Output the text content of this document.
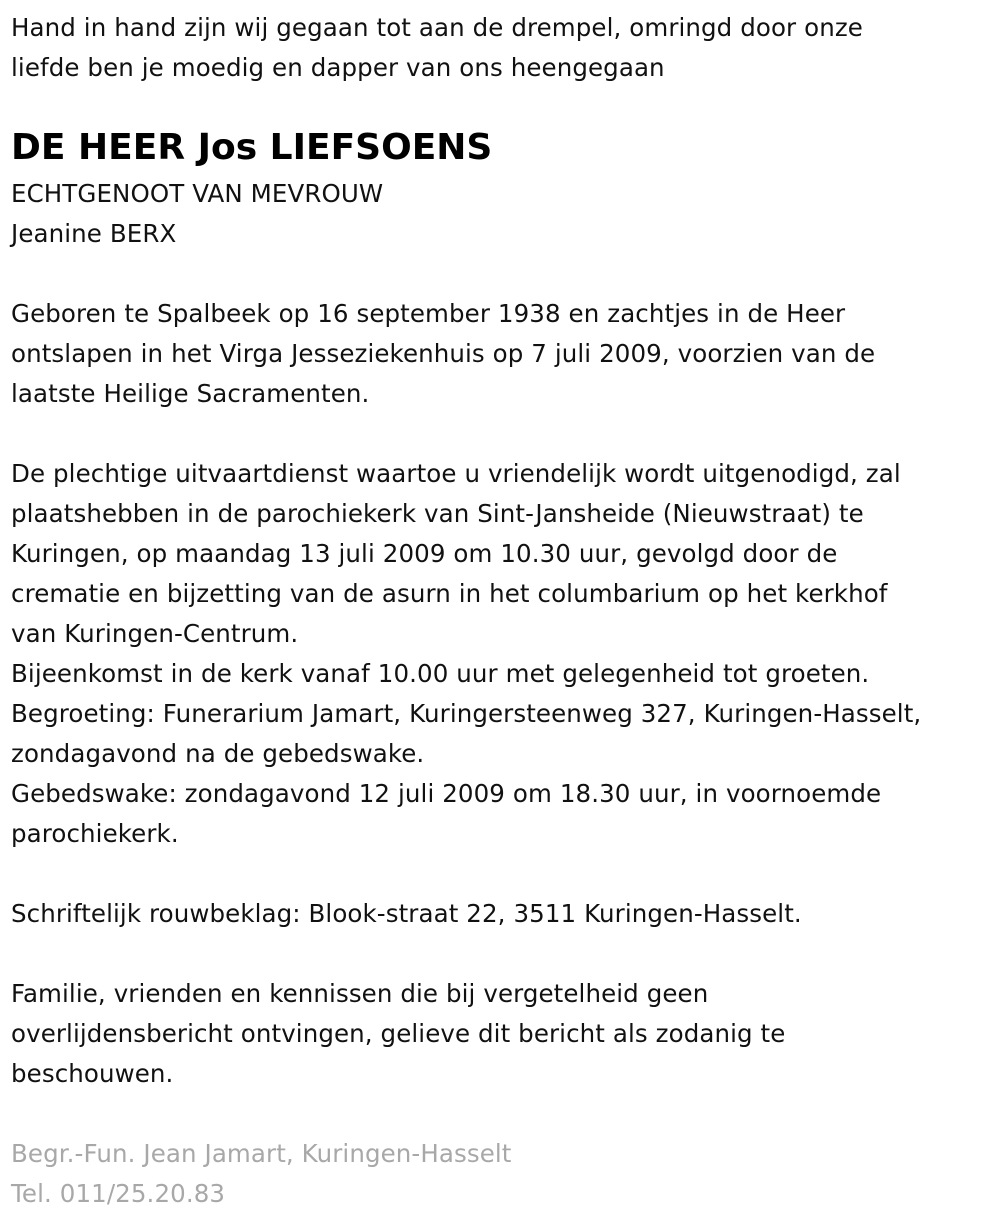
Hand in hand zijn wij gegaan tot aan de drempel, omringd door onze
liefde ben je moedig en dapper van ons heengegaan
DE HEER Jos LIEFSOENS
ECHTGENOOT VAN MEVROUW
Jeanine BERX
Geboren te Spalbeek op 16 september 1938 en zachtjes in de Heer
ontslapen in het Virga Jesseziekenhuis op 7 juli 2009, voorzien van de
laatste Heilige Sacramenten.
De plechtige uitvaartdienst waartoe u vriendelijk wordt uitgenodigd, zal
plaatshebben in de parochiekerk van Sint-Jansheide (Nieuwstraat) te
Kuringen, op maandag 13 juli 2009 om 10.30 uur, gevolgd door de
crematie en bijzetting van de asurn in het columbarium op het kerkhof
van Kuringen-Centrum.
Bijeenkomst in de kerk vanaf 10.00 uur met gelegenheid tot groeten.
Begroeting: Funerarium Jamart, Kuringersteenweg 327, Kuringen-Hasselt,
zondagavond na de gebedswake.
Gebedswake: zondagavond 12 juli 2009 om 18.30 uur, in voornoemde
parochiekerk.
Schriftelijk rouwbeklag: Blook-straat 22, 3511 Kuringen-Hasselt.
Familie, vrienden en kennissen die bij vergetelheid geen
overlijdensbericht ontvingen, gelieve dit bericht als zodanig te
beschouwen.
Begr.-Fun. Jean Jamart, Kuringen-Hasselt
Tel. 011/25.20.83
